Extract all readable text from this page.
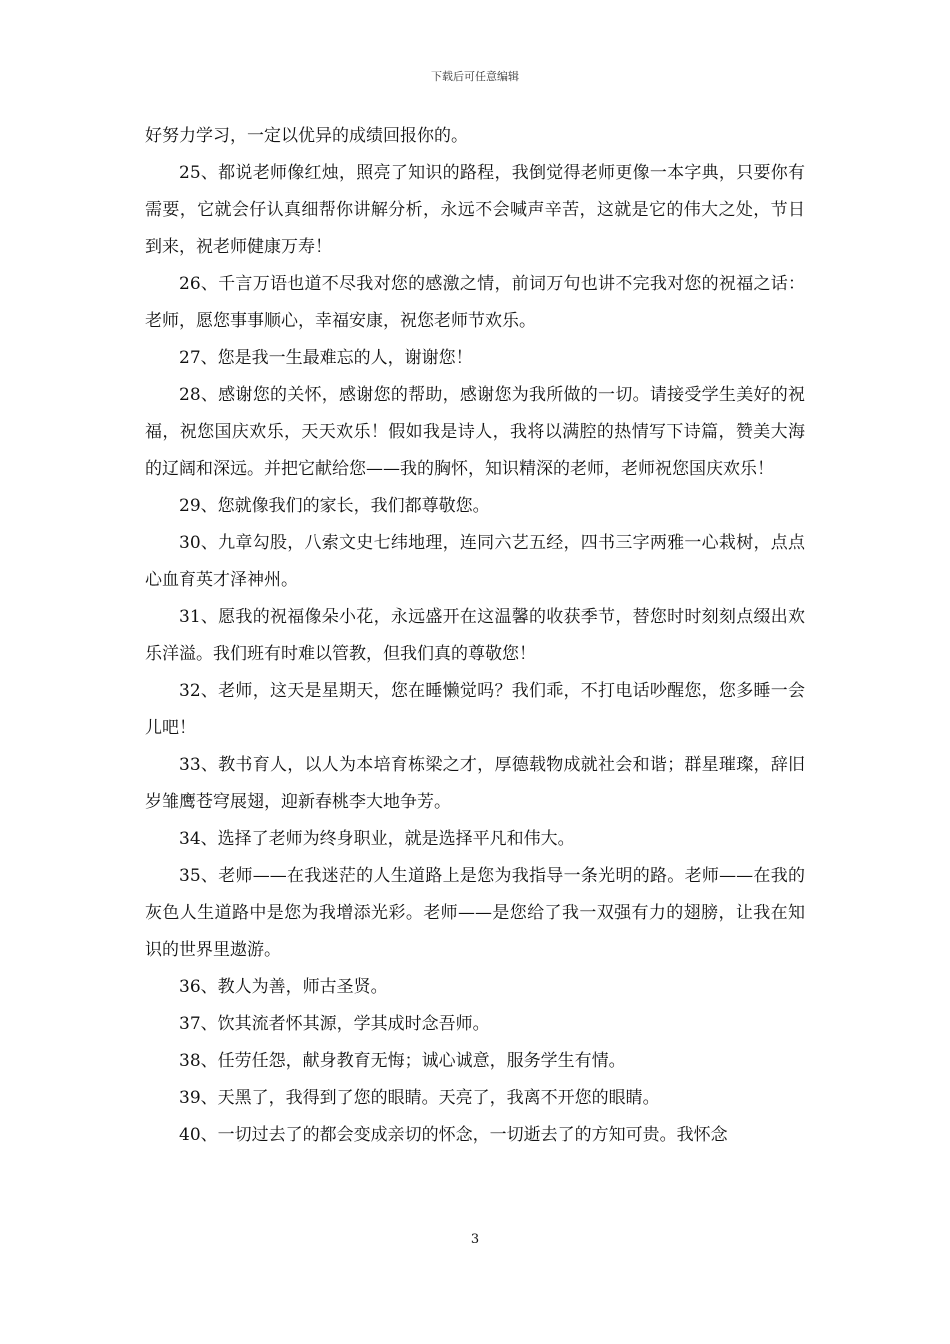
下载后可任意编辑

好努力学习，一定以优异的成绩回报你的。

25、都说老师像红烛，照亮了知识的路程，我倒觉得老师更像一本字典，只要你有需要，它就会仔认真细帮你讲解分析，永远不会喊声辛苦，这就是它的伟大之处，节日到来，祝老师健康万寿！

26、千言万语也道不尽我对您的感激之情，前词万句也讲不完我对您的祝福之话：老师，愿您事事顺心，幸福安康，祝您老师节欢乐。

27、您是我一生最难忘的人，谢谢您！

28、感谢您的关怀，感谢您的帮助，感谢您为我所做的一切。请接受学生美好的祝福，祝您国庆欢乐，天天欢乐！假如我是诗人，我将以满腔的热情写下诗篇，赞美大海的辽阔和深远。并把它献给您——我的胸怀，知识精深的老师，老师祝您国庆欢乐！

29、您就像我们的家长，我们都尊敬您。

30、九章勾股，八索文史七纬地理，连同六艺五经，四书三字两雅一心栽树，点点心血育英才泽神州。

31、愿我的祝福像朵小花，永远盛开在这温馨的收获季节，替您时时刻刻点缀出欢乐洋溢。我们班有时难以管教，但我们真的尊敬您！

32、老师，这天是星期天，您在睡懒觉吗？我们乖，不打电话吵醒您，您多睡一会儿吧！

33、教书育人，以人为本培育栋梁之才，厚德载物成就社会和谐；群星璀璨，辞旧岁雏鹰苍穹展翅，迎新春桃李大地争芳。

34、选择了老师为终身职业，就是选择平凡和伟大。

35、老师——在我迷茫的人生道路上是您为我指导一条光明的路。老师——在我的灰色人生道路中是您为我增添光彩。老师——是您给了我一双强有力的翅膀，让我在知识的世界里遨游。

36、教人为善，师古圣贤。

37、饮其流者怀其源，学其成时念吾师。

38、任劳任怨，献身教育无悔；诚心诚意，服务学生有情。

39、天黑了，我得到了您的眼睛。天亮了，我离不开您的眼睛。

40、一切过去了的都会变成亲切的怀念，一切逝去了的方知可贵。我怀念

3
